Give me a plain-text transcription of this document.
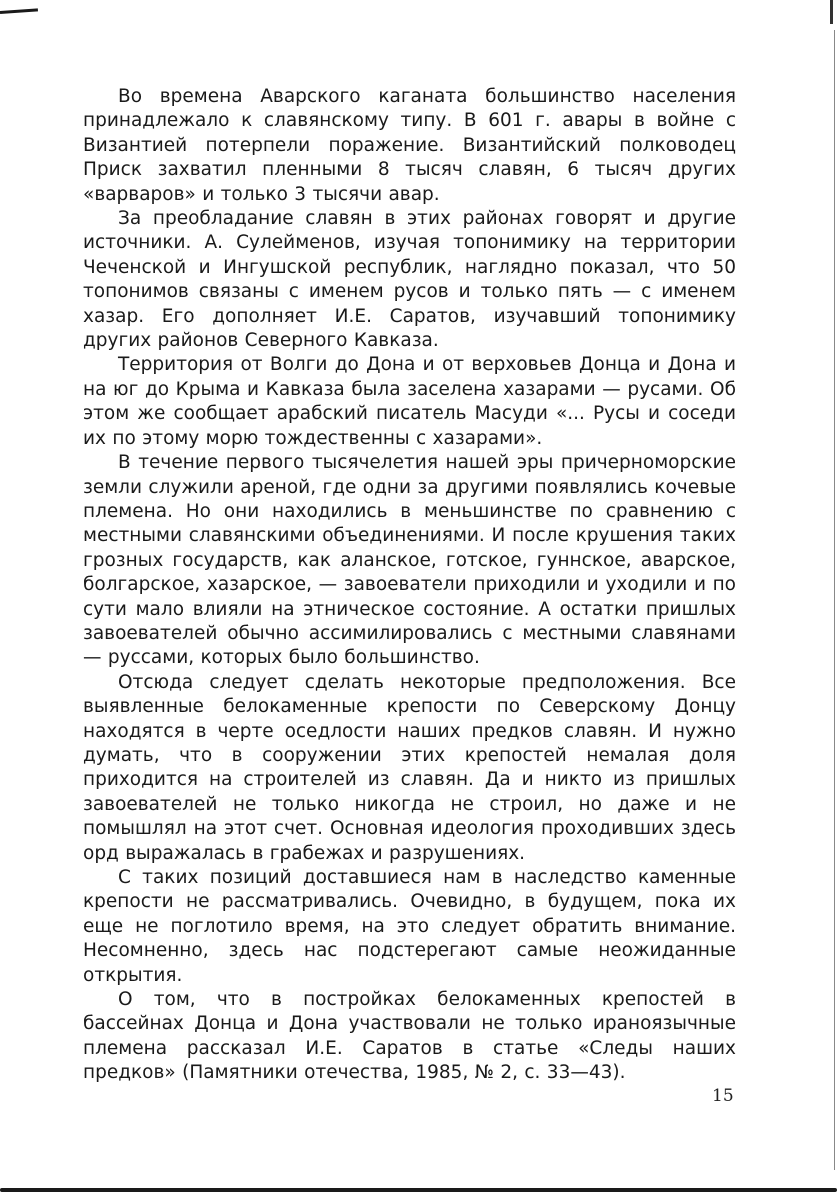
Во времена Аварского каганата большинство населения принадлежало к славянскому типу. В 601 г. авары в войне с Византией потерпели поражение. Византийский полководец Приск захватил пленными 8 тысяч славян, 6 тысяч других «варваров» и только 3 тысячи авар.

За преобладание славян в этих районах говорят и другие источники. А. Сулейменов, изучая топонимику на территории Чеченской и Ингушской республик, наглядно показал, что 50 топонимов связаны с именем русов и только пять — с именем хазар. Его дополняет И.Е. Саратов, изучавший топонимику других районов Северного Кавказа.

Территория от Волги до Дона и от верховьев Донца и Дона и на юг до Крыма и Кавказа была заселена хазарами — русами. Об этом же сообщает арабский писатель Масуди «... Русы и соседи их по этому морю тождественны с хазарами».

В течение первого тысячелетия нашей эры причерноморские земли служили ареной, где одни за другими появлялись кочевые племена. Но они находились в меньшинстве по сравнению с местными славянскими объединениями. И после крушения таких грозных государств, как аланское, готское, гуннское, аварское, болгарское, хазарское, — завоеватели приходили и уходили и по сути мало влияли на этническое состояние. А остатки пришлых завоевателей обычно ассимилировались с местными славянами — руссами, которых было большинство.

Отсюда следует сделать некоторые предположения. Все выявленные белокаменные крепости по Северскому Донцу находятся в черте оседлости наших предков славян. И нужно думать, что в сооружении этих крепостей немалая доля приходится на строителей из славян. Да и никто из пришлых завоевателей не только никогда не строил, но даже и не помышлял на этот счет. Основная идеология проходивших здесь орд выражалась в грабежах и разрушениях.

С таких позиций доставшиеся нам в наследство каменные крепости не рассматривались. Очевидно, в будущем, пока их еще не поглотило время, на это следует обратить внимание. Несомненно, здесь нас подстерегают самые неожиданные открытия.

О том, что в постройках белокаменных крепостей в бассейнах Донца и Дона участвовали не только ираноязычные племена рассказал И.Е. Саратов в статье «Следы наших предков» (Памятники отечества, 1985, № 2, с. 33—43).

15
